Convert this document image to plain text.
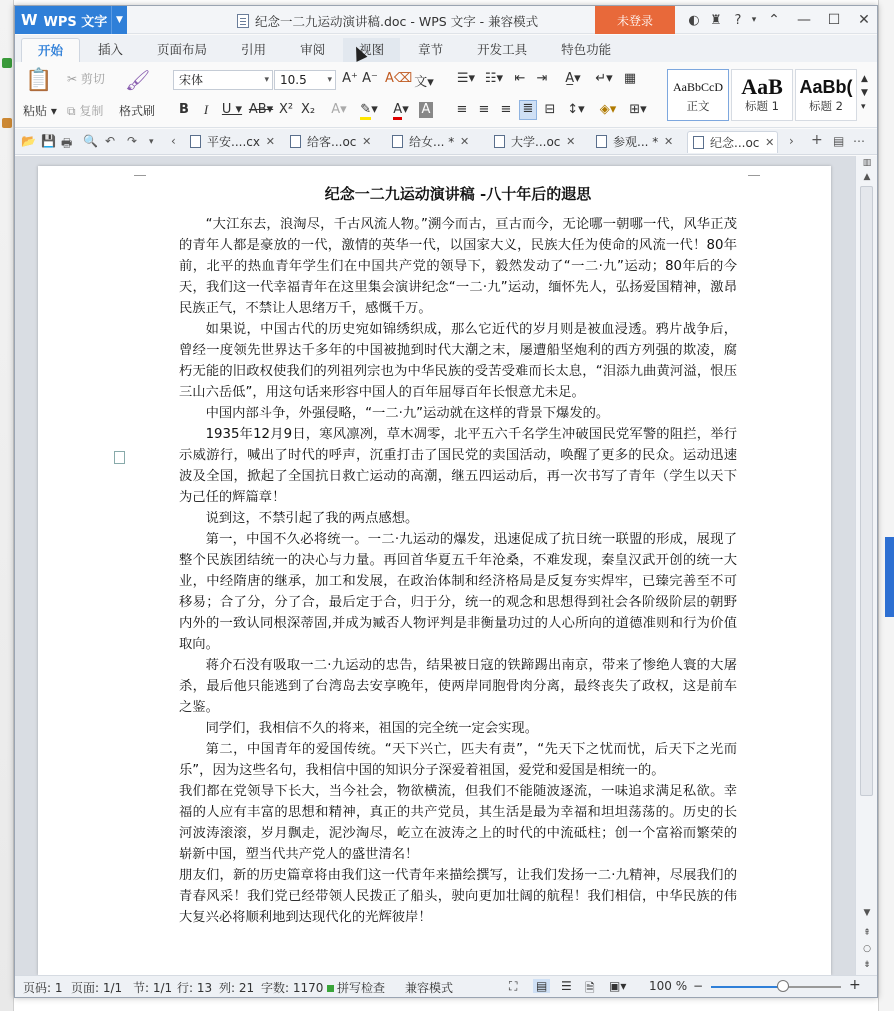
W WPS 文字 ▼	纪念一二九运动演讲稿.doc - WPS 文字 - 兼容模式	未登录	◐ ♜ ?	▾ ⌃	—	☐	✕
开始	插入	页面布局	引用	审阅	视图	章节	开发工具	特色功能
📋
粘贴 ▾
✂ 剪切
⧉ 复制
🖌
格式刷
宋体 ▾	10.5 ▾	A⁺ A⁻ A⌫ 文▾
B	I	U ▾ AB▾ X² X₂	A▾	✎▾	A▾ A
☰▾ ☷▾ ⇤ ⇥	A̲▾	↵▾ ▦
≡ ≡ ≡ ≣ ⊟ ↕▾	◈▾	⊞▾
AaBbCcD
正文
AaB
标题 1
AaBb(
标题 2
▲
▼
▾
📂 💾 🖶 🔍 ↶ ↷ ▾ ‹	平安....cx ✕	给客...oc ✕	给女... * ✕	大学...oc ✕	参观... * ✕	纪念...oc ✕ › + ▤ ⋯
纪念一二九运动演讲稿 -八十年后的遐思

“大江东去，浪淘尽，千古风流人物。”溯今而古，亘古而今，无论哪一朝哪一代，风华正茂的青年人都是豪放的一代，激情的英华一代，以国家大义，民族大任为使命的风流一代！80年前，北平的热血青年学生们在中国共产党的领导下，毅然发动了“一二·九”运动；80年后的今天，我们这一代幸福青年在这里集会演讲纪念“一二·九”运动，缅怀先人，弘扬爱国精神，激昂民族正气，不禁让人思绪万千，感慨千万。

如果说，中国古代的历史宛如锦绣织成，那么它近代的岁月则是被血浸透。鸦片战争后，曾经一度领先世界达千多年的中国被抛到时代大潮之末，屡遭船坚炮利的西方列强的欺凌，腐朽无能的旧政权使我们的列祖列宗也为中华民族的受苦受难而长太息，“泪添九曲黄河溢，恨压三山六岳低”，用这句话来形容中国人的百年屈辱百年长恨意尤未足。

中国内部斗争，外强侵略，“一二·九”运动就在这样的背景下爆发的。

1935年12月9日，寒风凛冽，草木凋零，北平五六千名学生冲破国民党军警的阻拦，举行示威游行，喊出了时代的呼声，沉重打击了国民党的卖国活动，唤醒了更多的民众。运动迅速波及全国，掀起了全国抗日救亡运动的高潮，继五四运动后，再一次书写了青年（学生以天下为己任的辉篇章！

说到这，不禁引起了我的两点感想。

第一，中国不久必将统一。一二·九运动的爆发，迅速促成了抗日统一联盟的形成，展现了整个民族团结统一的决心与力量。再回首华夏五千年沧桑，不难发现，秦皇汉武开创的统一大业，中经隋唐的继承，加工和发展，在政治体制和经济格局是反复夯实焊牢，已臻完善至不可移易；合了分，分了合，最后定于合，归于分，统一的观念和思想得到社会各阶级阶层的朝野内外的一致认同根深蒂固,并成为臧否人物评判是非衡量功过的人心所向的道德准则和行为价值取向。

蒋介石没有吸取一二·九运动的忠告，结果被日寇的铁蹄踢出南京，带来了惨绝人寰的大屠杀，最后他只能逃到了台湾岛去安享晚年，使两岸同胞骨肉分离，最终丧失了政权，这是前车之鉴。

同学们，我相信不久的将来，祖国的完全统一定会实现。

第二，中国青年的爱国传统。“天下兴亡，匹夫有责”，“先天下之忧而忧，后天下之光而乐”，因为这些名句，我相信中国的知识分子深爱着祖国，爱党和爱国是相统一的。

我们都在党领导下长大，当今社会，物欲横流，但我们不能随波逐流，一味追求满足私欲。幸福的人应有丰富的思想和精神，真正的共产党员，其生活是最为幸福和坦坦荡荡的。历史的长河波涛滚滚，岁月飘走，泥沙淘尽，屹立在波涛之上的时代的中流砥柱；创一个富裕而繁荣的崭新中国，塑当代共产党人的盛世清名！

朋友们，新的历史篇章将由我们这一代青年来描绘撰写，让我们发扬一二·九精神，尽展我们的青春风采！我们党已经带领人民拨正了船头，驶向更加壮阔的航程！我们相信，中华民族的伟大复兴必将顺利地到达现代化的光辉彼岸！

▥
▲
▼
⇞
○
⇟
页码: 1 页面: 1/1 节: 1/1 行: 13 列: 21 字数: 1170	拼写检查 兼容模式	⛶ ▤ ☰ 🗎 ▣▾ 100 % −	+
